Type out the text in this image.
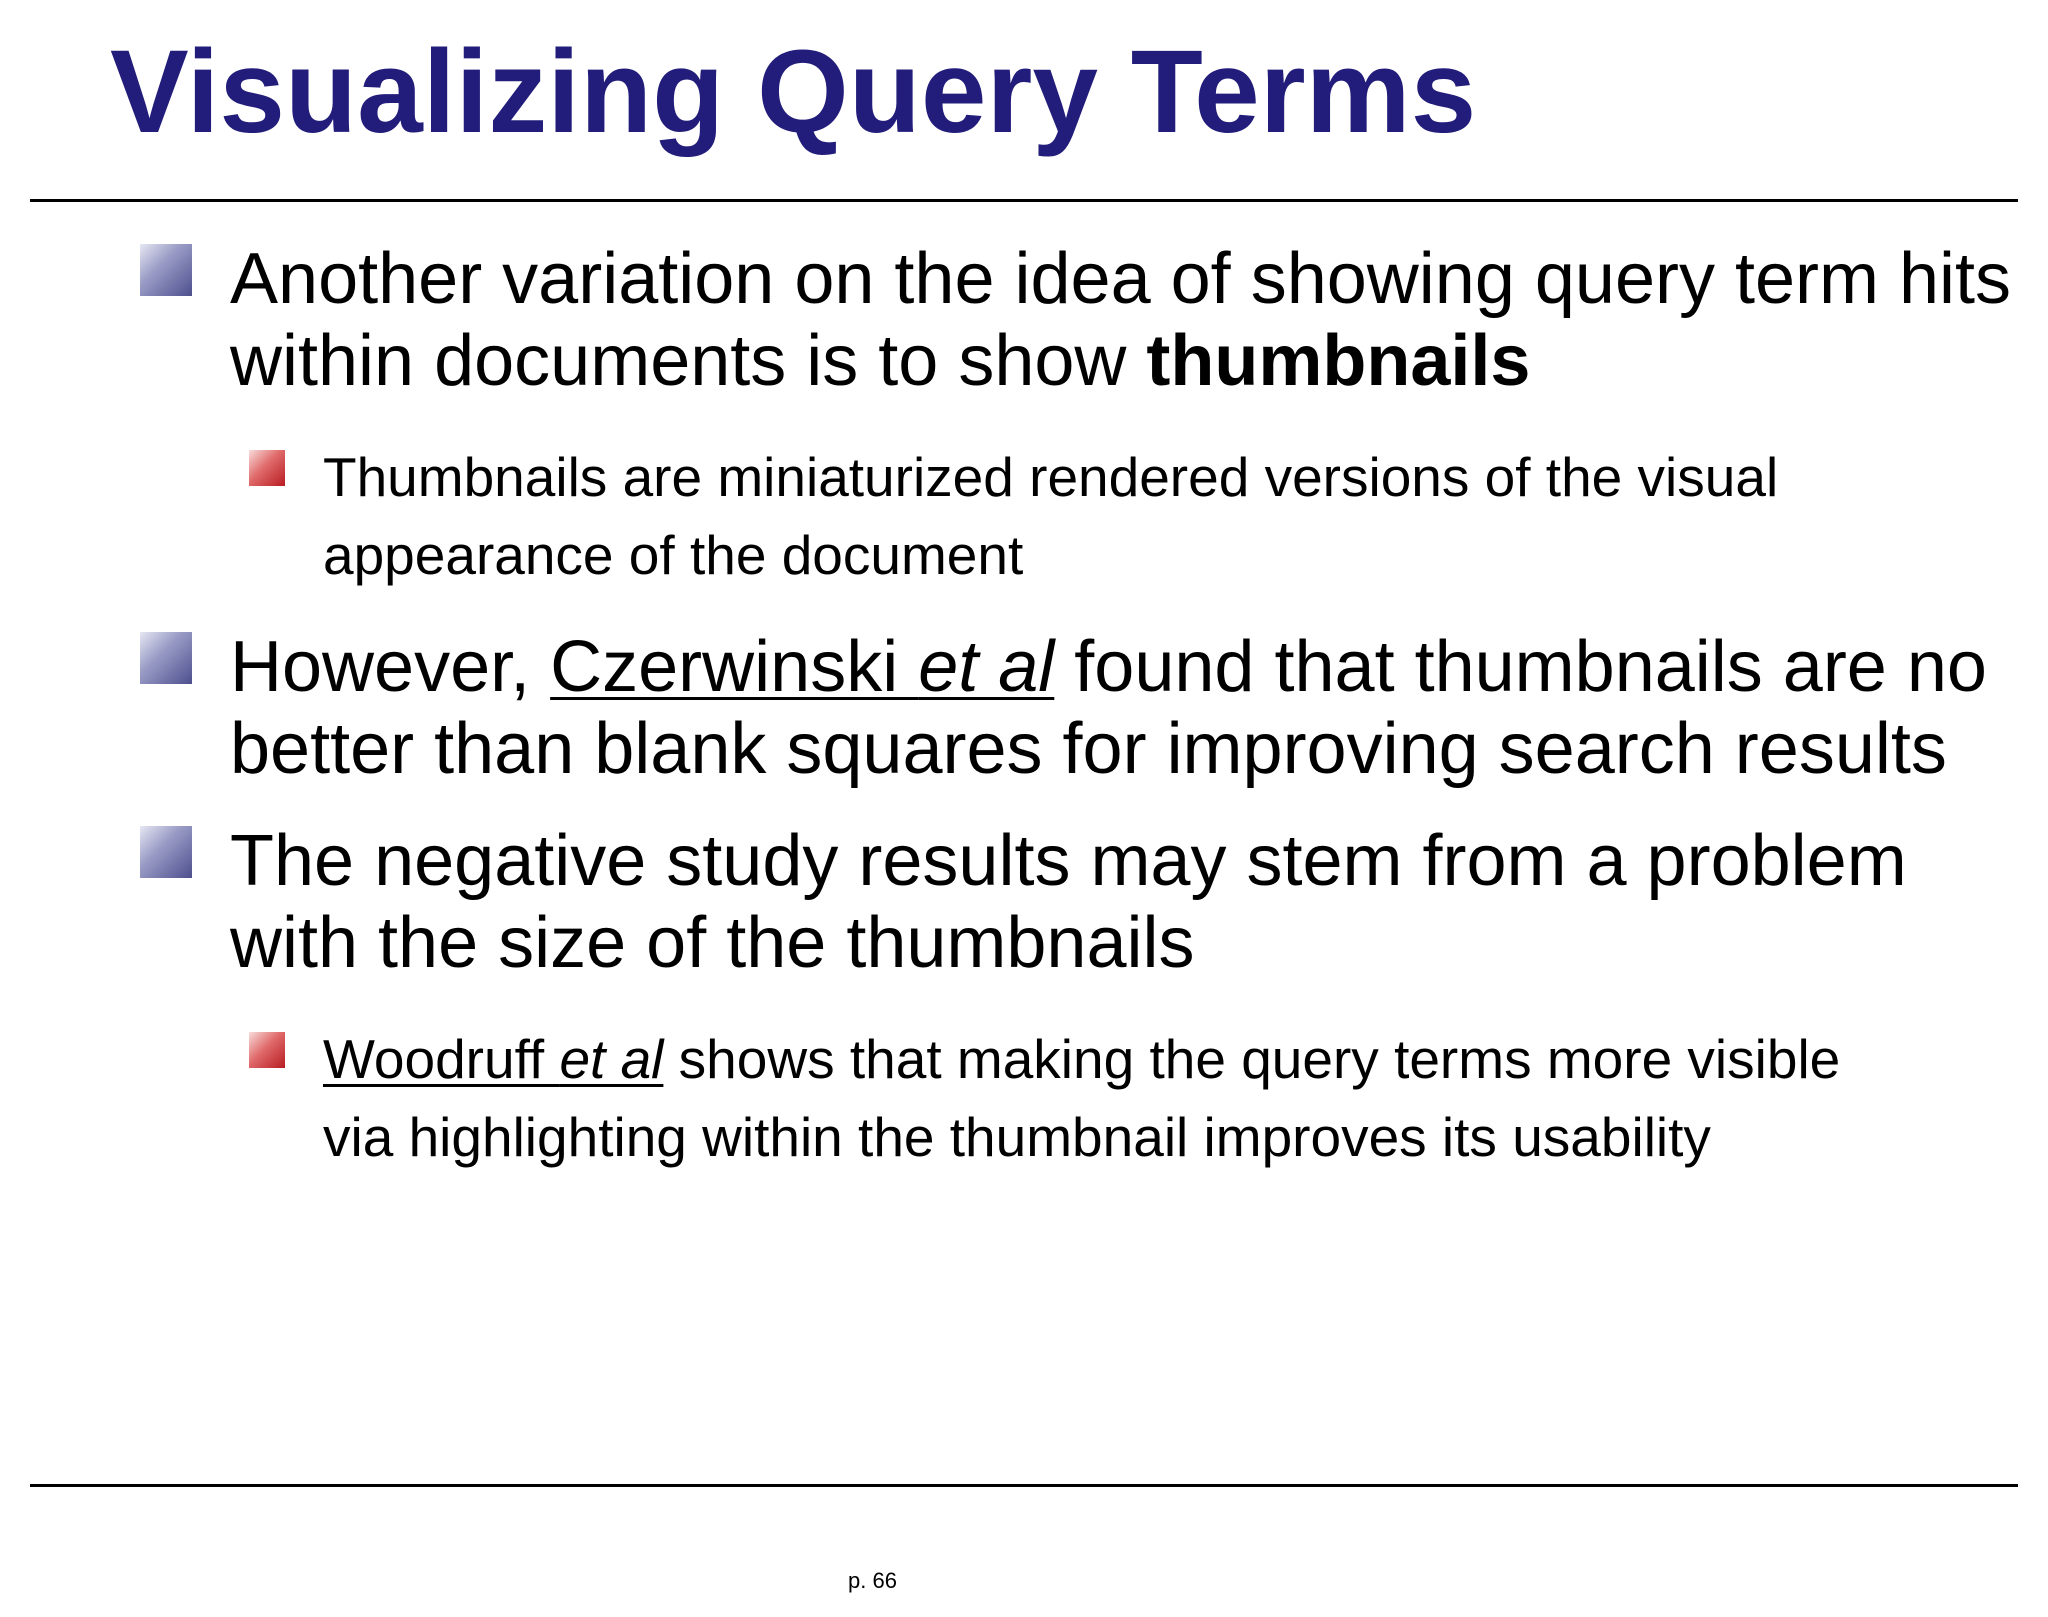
Visualizing Query Terms
Another variation on the idea of showing query term hits
within documents is to show thumbnails
Thumbnails are miniaturized rendered versions of the visual
appearance of the document
However, Czerwinski et al found that thumbnails are no
better than blank squares for improving search results
The negative study results may stem from a problem
with the size of the thumbnails
Woodruff et al shows that making the query terms more visible
via highlighting within the thumbnail improves its usability
p. 66
